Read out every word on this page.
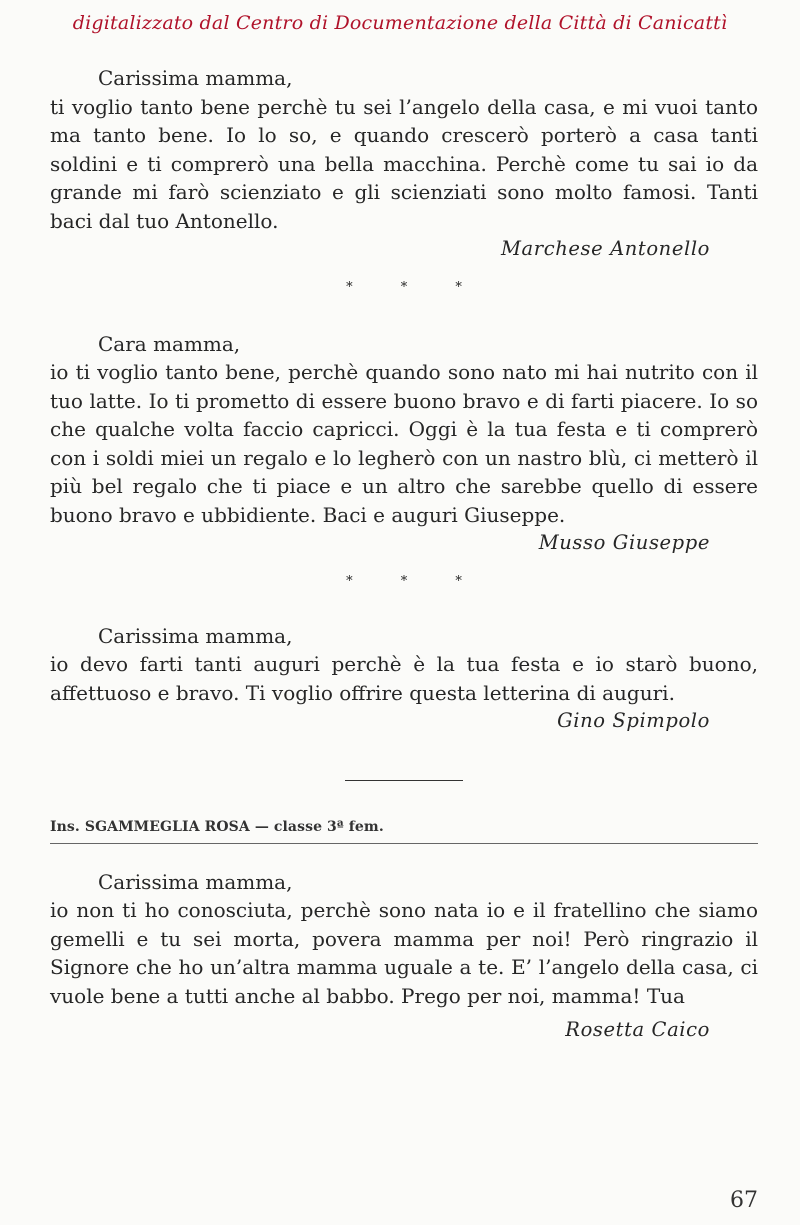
digitalizzato dal Centro di Documentazione della Città di Canicattì

Carissima mamma,

ti voglio tanto bene perchè tu sei l’angelo della casa, e mi vuoi tanto ma tanto bene. Io lo so, e quando crescerò porterò a casa tanti soldini e ti comprerò una bella macchina. Perchè come tu sai io da grande mi farò scienziato e gli scienziati sono molto famosi. Tanti baci dal tuo Antonello.

Marchese Antonello

* * *

Cara mamma,

io ti voglio tanto bene, perchè quando sono nato mi hai nutrito con il tuo latte. Io ti prometto di essere buono bravo e di farti piacere. Io so che qualche volta faccio capricci. Oggi è la tua festa e ti comprerò con i soldi miei un regalo e lo legherò con un nastro blù, ci metterò il più bel regalo che ti piace e un altro che sarebbe quello di essere buono bravo e ubbidiente. Baci e auguri Giuseppe.

Musso Giuseppe

* * *

Carissima mamma,

io devo farti tanti auguri perchè è la tua festa e io starò buono, affettuoso e bravo. Ti voglio offrire questa letterina di auguri.

Gino Spimpolo

Ins. SGAMMEGLIA ROSA — classe 3ª fem.

Carissima mamma,

io non ti ho conosciuta, perchè sono nata io e il fratellino che siamo gemelli e tu sei morta, povera mamma per noi! Però ringrazio il Signore che ho un’altra mamma uguale a te. E’ l’angelo della casa, ci vuole bene a tutti anche al babbo. Prego per noi, mamma! Tua

Rosetta Caico

67
